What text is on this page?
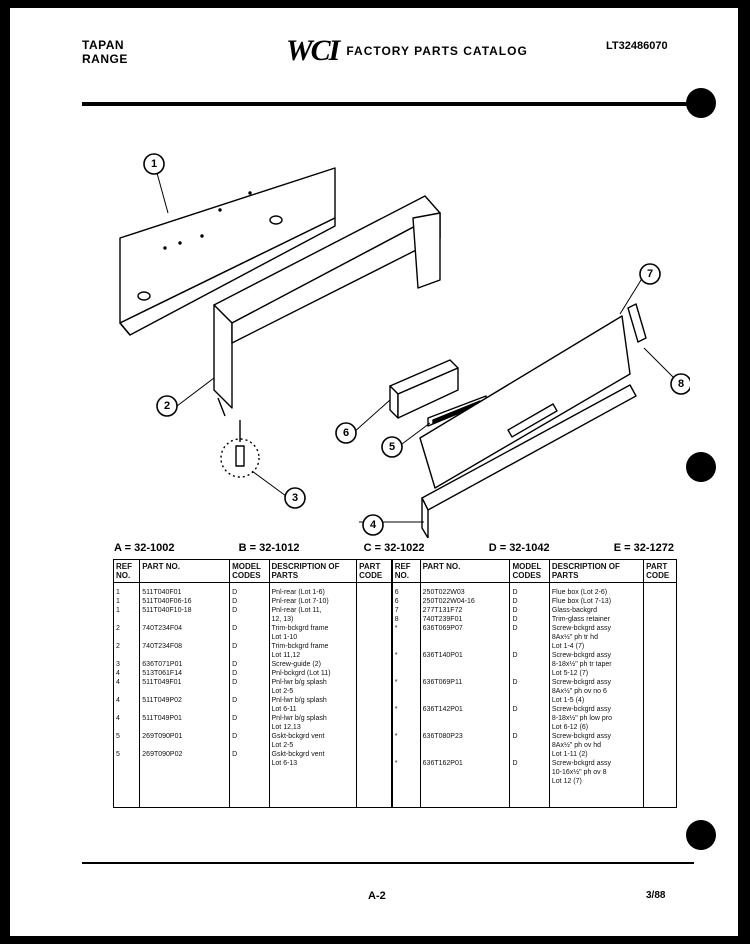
TAPAN
RANGE	WCI FACTORY PARTS CATALOG	LT32486070
1
2
3
4
5
6
7
8
A = 32-1002	B = 32-1012	C = 32-1022	D = 32-1042	E = 32-1272
REF NO.	PART NO.	MODEL CODES	DESCRIPTION OF PARTS	PART CODE	REF NO.	PART NO.	MODEL CODES	DESCRIPTION OF PARTS	PART CODE
1	511T040F01	D	Pnl-rear (Lot 1-6)		6	250T022W03	D	Flue box (Lot 2-6)	
1	511T040F06-16	D	Pnl-rear (Lot 7-10)		6	250T022W04-16	D	Flue box (Lot 7-13)	
1	511T040F10-18	D	Pnl-rear (Lot 11,		7	277T131F72	D	Glass-backgrd	
			12, 13)		8	740T239F01	D	Trim-glass retainer	
2	740T234F04	D	Trim-bckgrd frame		*	636T069P07	D	Screw-bckgrd assy	
			Lot 1-10					8Ax½" ph tr hd	
2	740T234F08	D	Trim-bckgrd frame					Lot 1-4 (7)	
			Lot 11,12		*	636T140P01	D	Screw-bckgrd assy	
3	636T071P01	D	Screw-guide (2)					8-18x½" ph tr taper	
4	513T061F14	D	Pnl-bckgrd (Lot 11)					Lot 5-12 (7)	
4	511T049F01	D	Pnl-lwr b/g splash		*	636T069P11	D	Screw-bckgrd assy	
			Lot 2-5					8Ax½" ph ov no 6	
4	511T049P02	D	Pnl-lwr b/g splash					Lot 1-5 (4)	
			Lot 6-11		*	636T142P01	D	Screw-bckgrd assy	
4	511T049P01	D	Pnl-lwr b/g splash					8-18x½" ph low pro	
			Lot 12,13					Lot 6-12 (6)	
5	269T090P01	D	Gskt-bckgrd vent		*	636T080P23	D	Screw-bckgrd assy	
			Lot 2-5					8Ax½" ph ov hd	
5	269T090P02	D	Gskt-bckgrd vent					Lot 1-11 (2)	
			Lot 6-13		*	636T162P01	D	Screw-bckgrd assy	
								10-16x½" ph ov 8	
								Lot 12 (7)	
A-2	3/88
